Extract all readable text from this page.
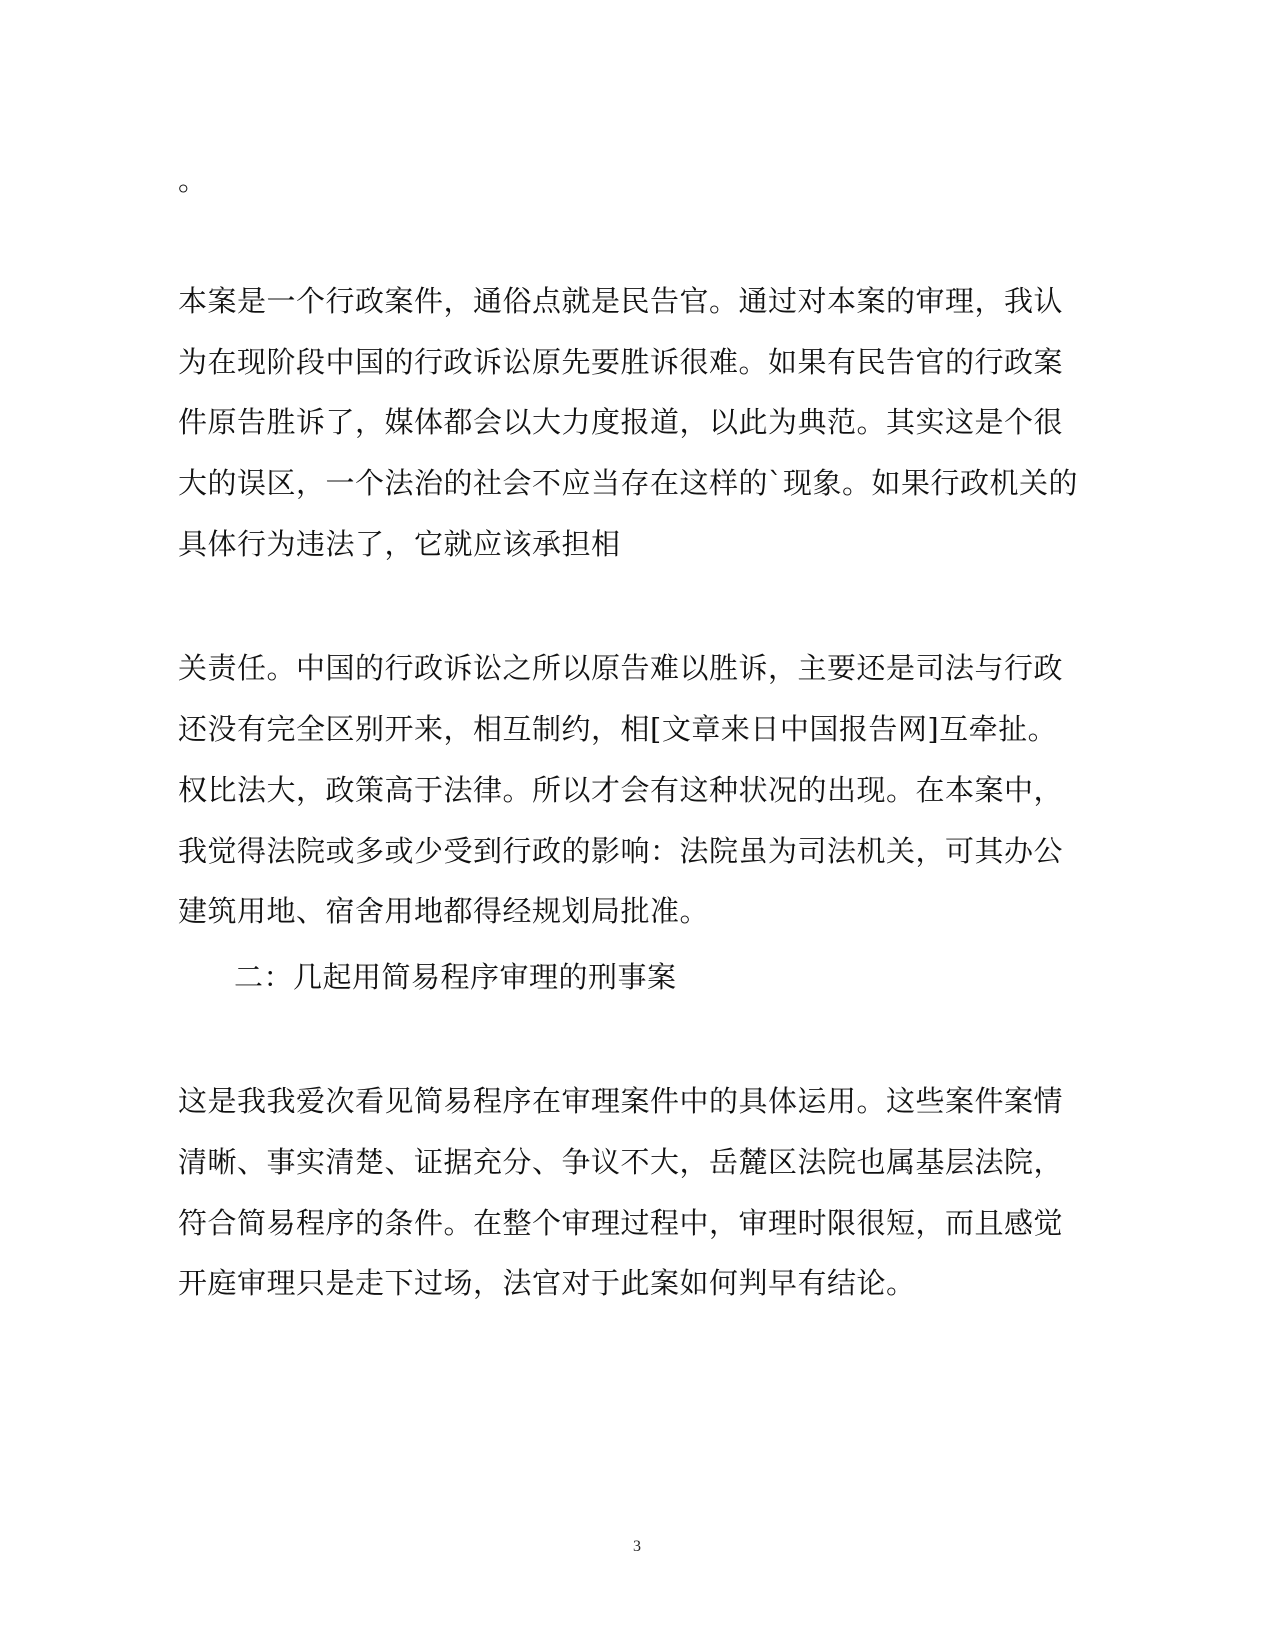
。
本案是一个行政案件，通俗点就是民告官。通过对本案的审理，我认
为在现阶段中国的行政诉讼原先要胜诉很难。如果有民告官的行政案
件原告胜诉了，媒体都会以大力度报道，以此为典范。其实这是个很
大的误区，一个法治的社会不应当存在这样的`现象。如果行政机关的
具体行为违法了，它就应该承担相
关责任。中国的行政诉讼之所以原告难以胜诉，主要还是司法与行政
还没有完全区别开来，相互制约，相[文章来日中国报告网]互牵扯。
权比法大，政策高于法律。所以才会有这种状况的出现。在本案中，
我觉得法院或多或少受到行政的影响：法院虽为司法机关，可其办公
建筑用地、宿舍用地都得经规划局批准。
二：几起用简易程序审理的刑事案
这是我我爱次看见简易程序在审理案件中的具体运用。这些案件案情
清晰、事实清楚、证据充分、争议不大，岳麓区法院也属基层法院，
符合简易程序的条件。在整个审理过程中，审理时限很短，而且感觉
开庭审理只是走下过场，法官对于此案如何判早有结论。
3
